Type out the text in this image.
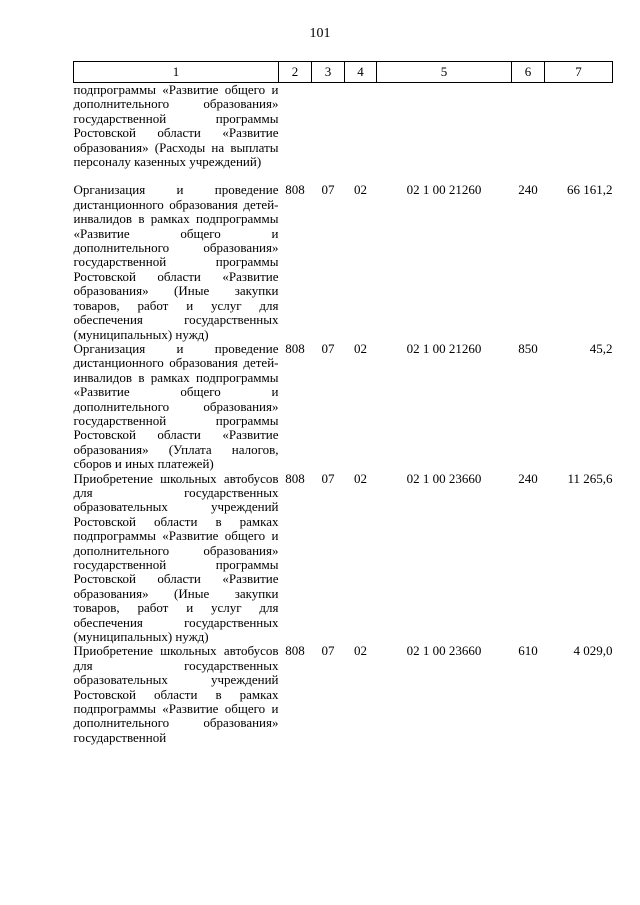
101
1	2	3	4	5	6	7
подпрограммы «Развитие общего и дополнительного образования» государственной программы Ростовской области «Развитие образования» (Расходы на выплаты персоналу казенных учреждений)						
Организация и проведение дистанционного образования детей-инвалидов в рамках подпрограммы «Развитие общего и дополнительного образования» государственной программы Ростовской области «Развитие образования» (Иные закупки товаров, работ и услуг для обеспечения государственных (муниципальных) нужд)	808	07	02	02 1 00 21260	240	66 161,2
Организация и проведение дистанционного образования детей-инвалидов в рамках подпрограммы «Развитие общего и дополнительного образования» государственной программы Ростовской области «Развитие образования» (Уплата налогов, сборов и иных платежей)	808	07	02	02 1 00 21260	850	45,2
Приобретение школьных автобусов для государственных образовательных учреждений Ростовской области в рамках подпрограммы «Развитие общего и дополнительного образования» государственной программы Ростовской области «Развитие образования» (Иные закупки товаров, работ и услуг для обеспечения государственных (муниципальных) нужд)	808	07	02	02 1 00 23660	240	11 265,6
Приобретение школьных автобусов для государственных образовательных учреждений Ростовской области в рамках подпрограммы «Развитие общего и дополнительного образования» государственной	808	07	02	02 1 00 23660	610	4 029,0
